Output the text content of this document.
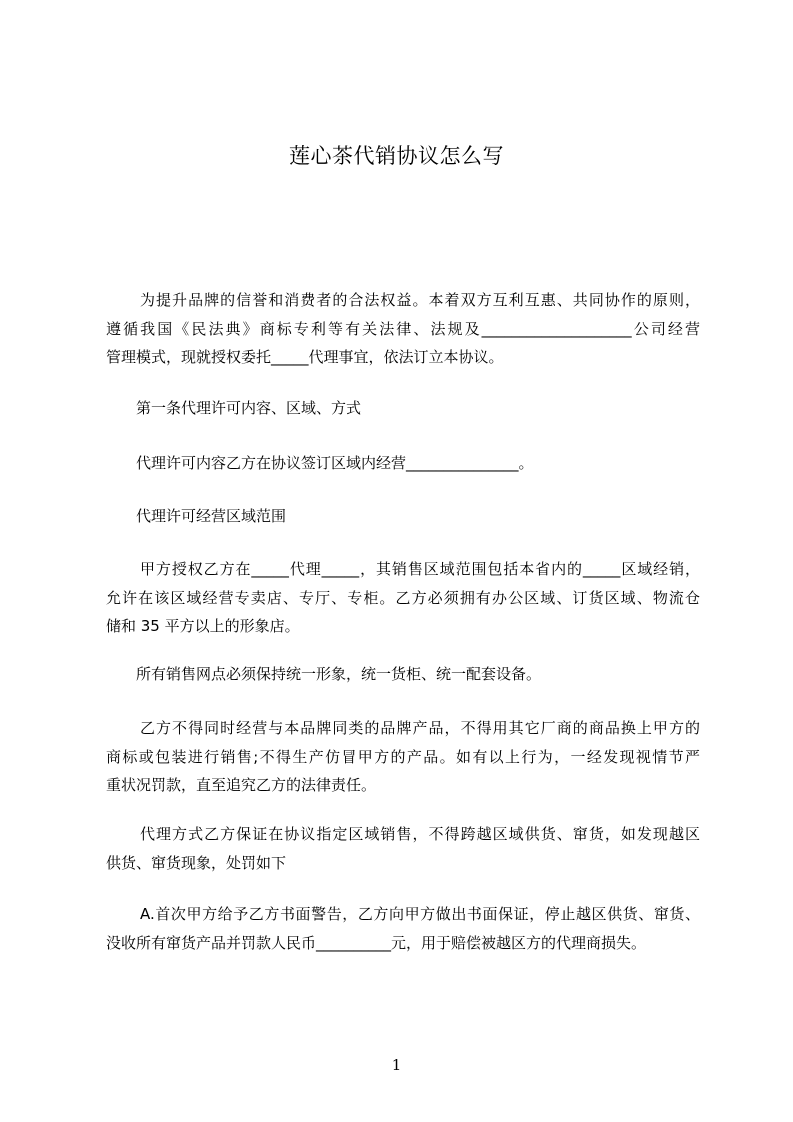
莲心茶代销协议怎么写
为提升品牌的信誉和消费者的合法权益。本着双方互利互惠、共同协作的原则，
遵循我国《民法典》商标专利等有关法律、法规及____________________公司经营
管理模式，现就授权委托_____代理事宜，依法订立本协议。
第一条代理许可内容、区域、方式
代理许可内容乙方在协议签订区域内经营_______________。
代理许可经营区域范围
甲方授权乙方在_____代理_____，其销售区域范围包括本省内的_____区域经销，
允许在该区域经营专卖店、专厅、专柜。乙方必须拥有办公区域、订货区域、物流仓
储和 35 平方以上的形象店。
所有销售网点必须保持统一形象，统一货柜、统一配套设备。
乙方不得同时经营与本品牌同类的品牌产品，不得用其它厂商的商品换上甲方的
商标或包装进行销售;不得生产仿冒甲方的产品。如有以上行为，一经发现视情节严
重状况罚款，直至追究乙方的法律责任。
代理方式乙方保证在协议指定区域销售，不得跨越区域供货、窜货，如发现越区
供货、窜货现象，处罚如下
A.首次甲方给予乙方书面警告，乙方向甲方做出书面保证，停止越区供货、窜货、
没收所有窜货产品并罚款人民币__________元，用于赔偿被越区方的代理商损失。
1
